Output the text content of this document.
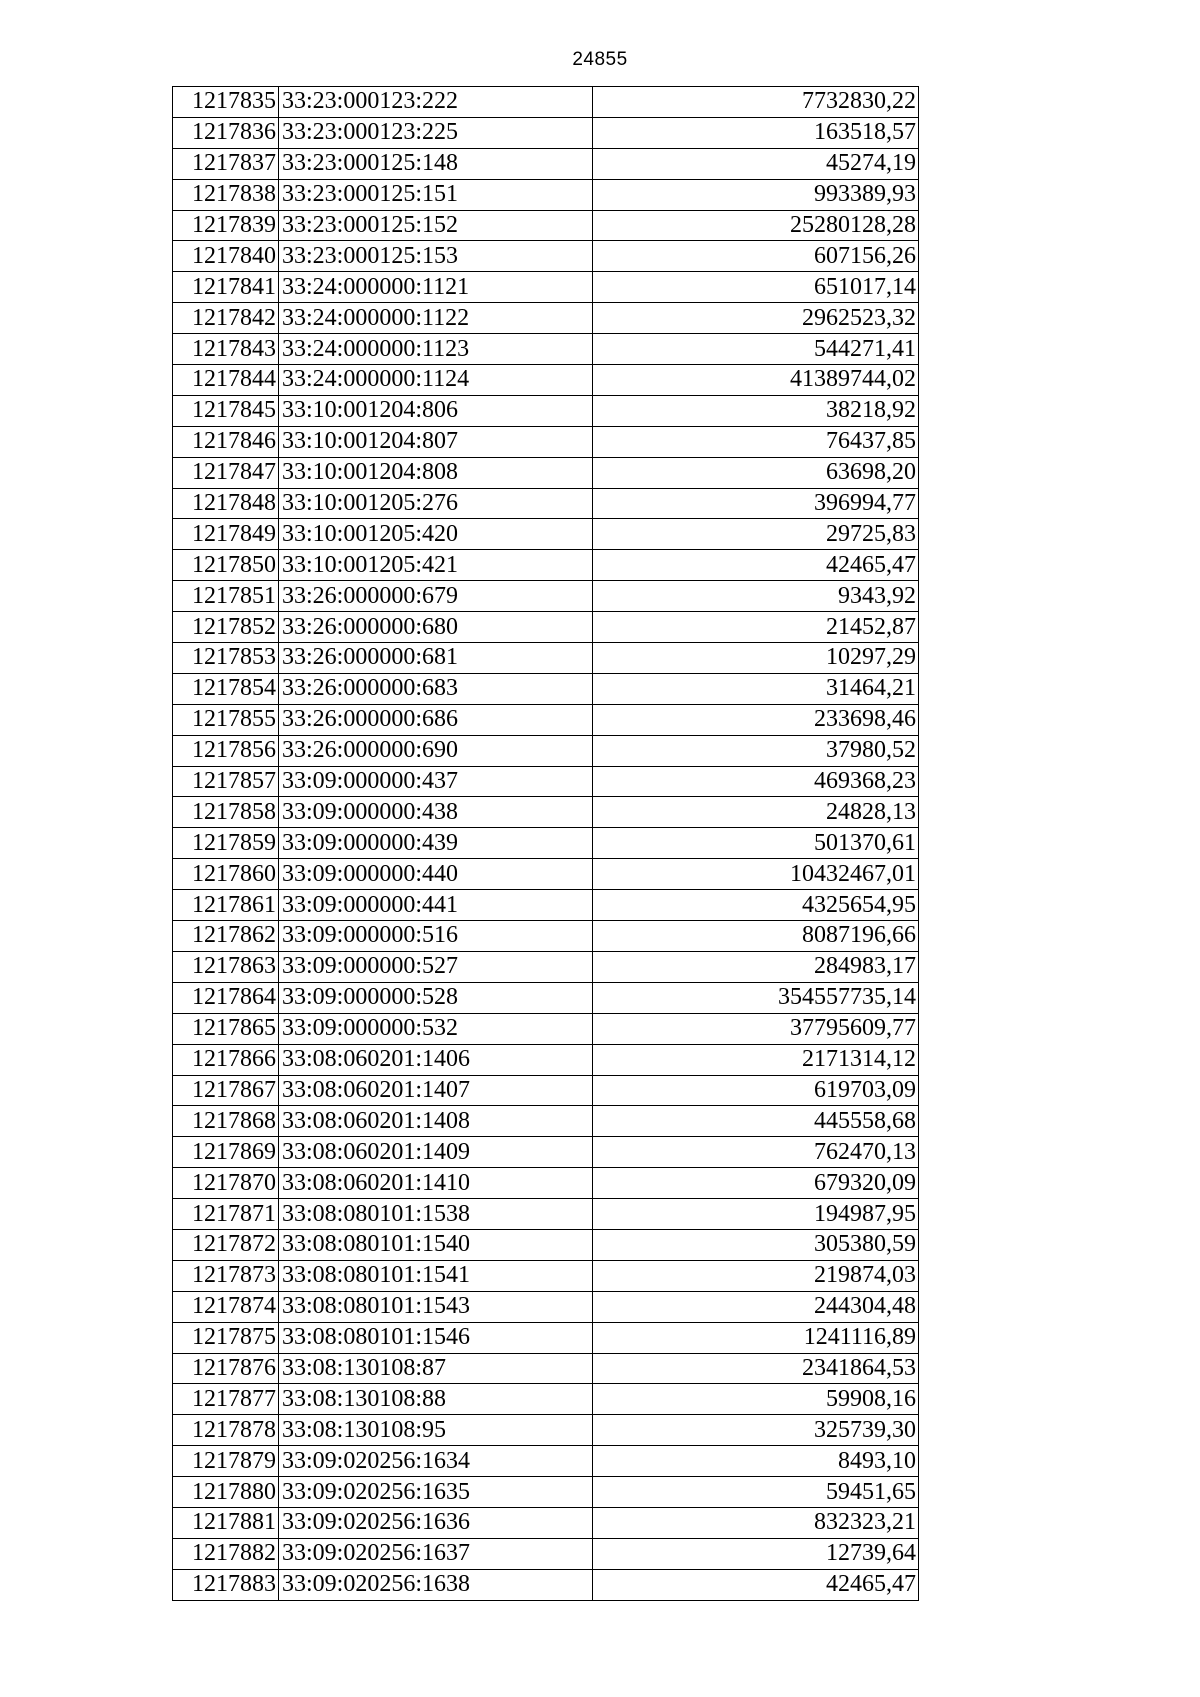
24855
1217835	33:23:000123:222	7732830,22
1217836	33:23:000123:225	163518,57
1217837	33:23:000125:148	45274,19
1217838	33:23:000125:151	993389,93
1217839	33:23:000125:152	25280128,28
1217840	33:23:000125:153	607156,26
1217841	33:24:000000:1121	651017,14
1217842	33:24:000000:1122	2962523,32
1217843	33:24:000000:1123	544271,41
1217844	33:24:000000:1124	41389744,02
1217845	33:10:001204:806	38218,92
1217846	33:10:001204:807	76437,85
1217847	33:10:001204:808	63698,20
1217848	33:10:001205:276	396994,77
1217849	33:10:001205:420	29725,83
1217850	33:10:001205:421	42465,47
1217851	33:26:000000:679	9343,92
1217852	33:26:000000:680	21452,87
1217853	33:26:000000:681	10297,29
1217854	33:26:000000:683	31464,21
1217855	33:26:000000:686	233698,46
1217856	33:26:000000:690	37980,52
1217857	33:09:000000:437	469368,23
1217858	33:09:000000:438	24828,13
1217859	33:09:000000:439	501370,61
1217860	33:09:000000:440	10432467,01
1217861	33:09:000000:441	4325654,95
1217862	33:09:000000:516	8087196,66
1217863	33:09:000000:527	284983,17
1217864	33:09:000000:528	354557735,14
1217865	33:09:000000:532	37795609,77
1217866	33:08:060201:1406	2171314,12
1217867	33:08:060201:1407	619703,09
1217868	33:08:060201:1408	445558,68
1217869	33:08:060201:1409	762470,13
1217870	33:08:060201:1410	679320,09
1217871	33:08:080101:1538	194987,95
1217872	33:08:080101:1540	305380,59
1217873	33:08:080101:1541	219874,03
1217874	33:08:080101:1543	244304,48
1217875	33:08:080101:1546	1241116,89
1217876	33:08:130108:87	2341864,53
1217877	33:08:130108:88	59908,16
1217878	33:08:130108:95	325739,30
1217879	33:09:020256:1634	8493,10
1217880	33:09:020256:1635	59451,65
1217881	33:09:020256:1636	832323,21
1217882	33:09:020256:1637	12739,64
1217883	33:09:020256:1638	42465,47
